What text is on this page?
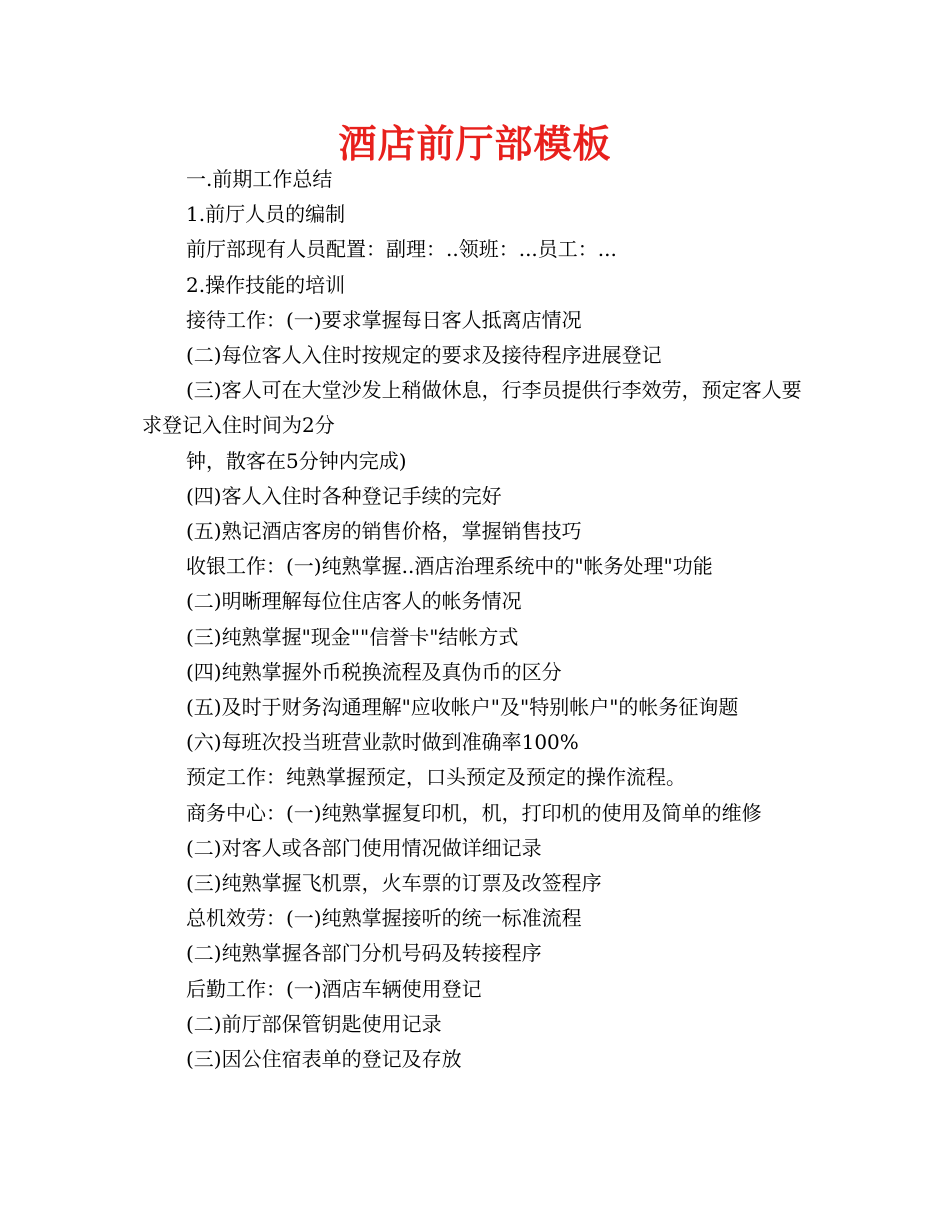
酒店前厅部模板

一.前期工作总结

1.前厅人员的编制

前厅部现有人员配置：副理：..领班：...员工：...

2.操作技能的培训

接待工作：(一)要求掌握每日客人抵离店情况

(二)每位客人入住时按规定的要求及接待程序进展登记

(三)客人可在大堂沙发上稍做休息，行李员提供行李效劳，预定客人要求登记入住时间为2分

钟，散客在5分钟内完成)

(四)客人入住时各种登记手续的完好

(五)熟记酒店客房的销售价格，掌握销售技巧

收银工作：(一)纯熟掌握..酒店治理系统中的"帐务处理"功能

(二)明晰理解每位住店客人的帐务情况

(三)纯熟掌握"现金""信誉卡"结帐方式

(四)纯熟掌握外币税换流程及真伪币的区分

(五)及时于财务沟通理解"应收帐户"及"特别帐户"的帐务征询题

(六)每班次投当班营业款时做到准确率100%

预定工作：纯熟掌握预定，口头预定及预定的操作流程。

商务中心：(一)纯熟掌握复印机，机，打印机的使用及简单的维修

(二)对客人或各部门使用情况做详细记录

(三)纯熟掌握飞机票，火车票的订票及改签程序

总机效劳：(一)纯熟掌握接听的统一标准流程

(二)纯熟掌握各部门分机号码及转接程序

后勤工作：(一)酒店车辆使用登记

(二)前厅部保管钥匙使用记录

(三)因公住宿表单的登记及存放
